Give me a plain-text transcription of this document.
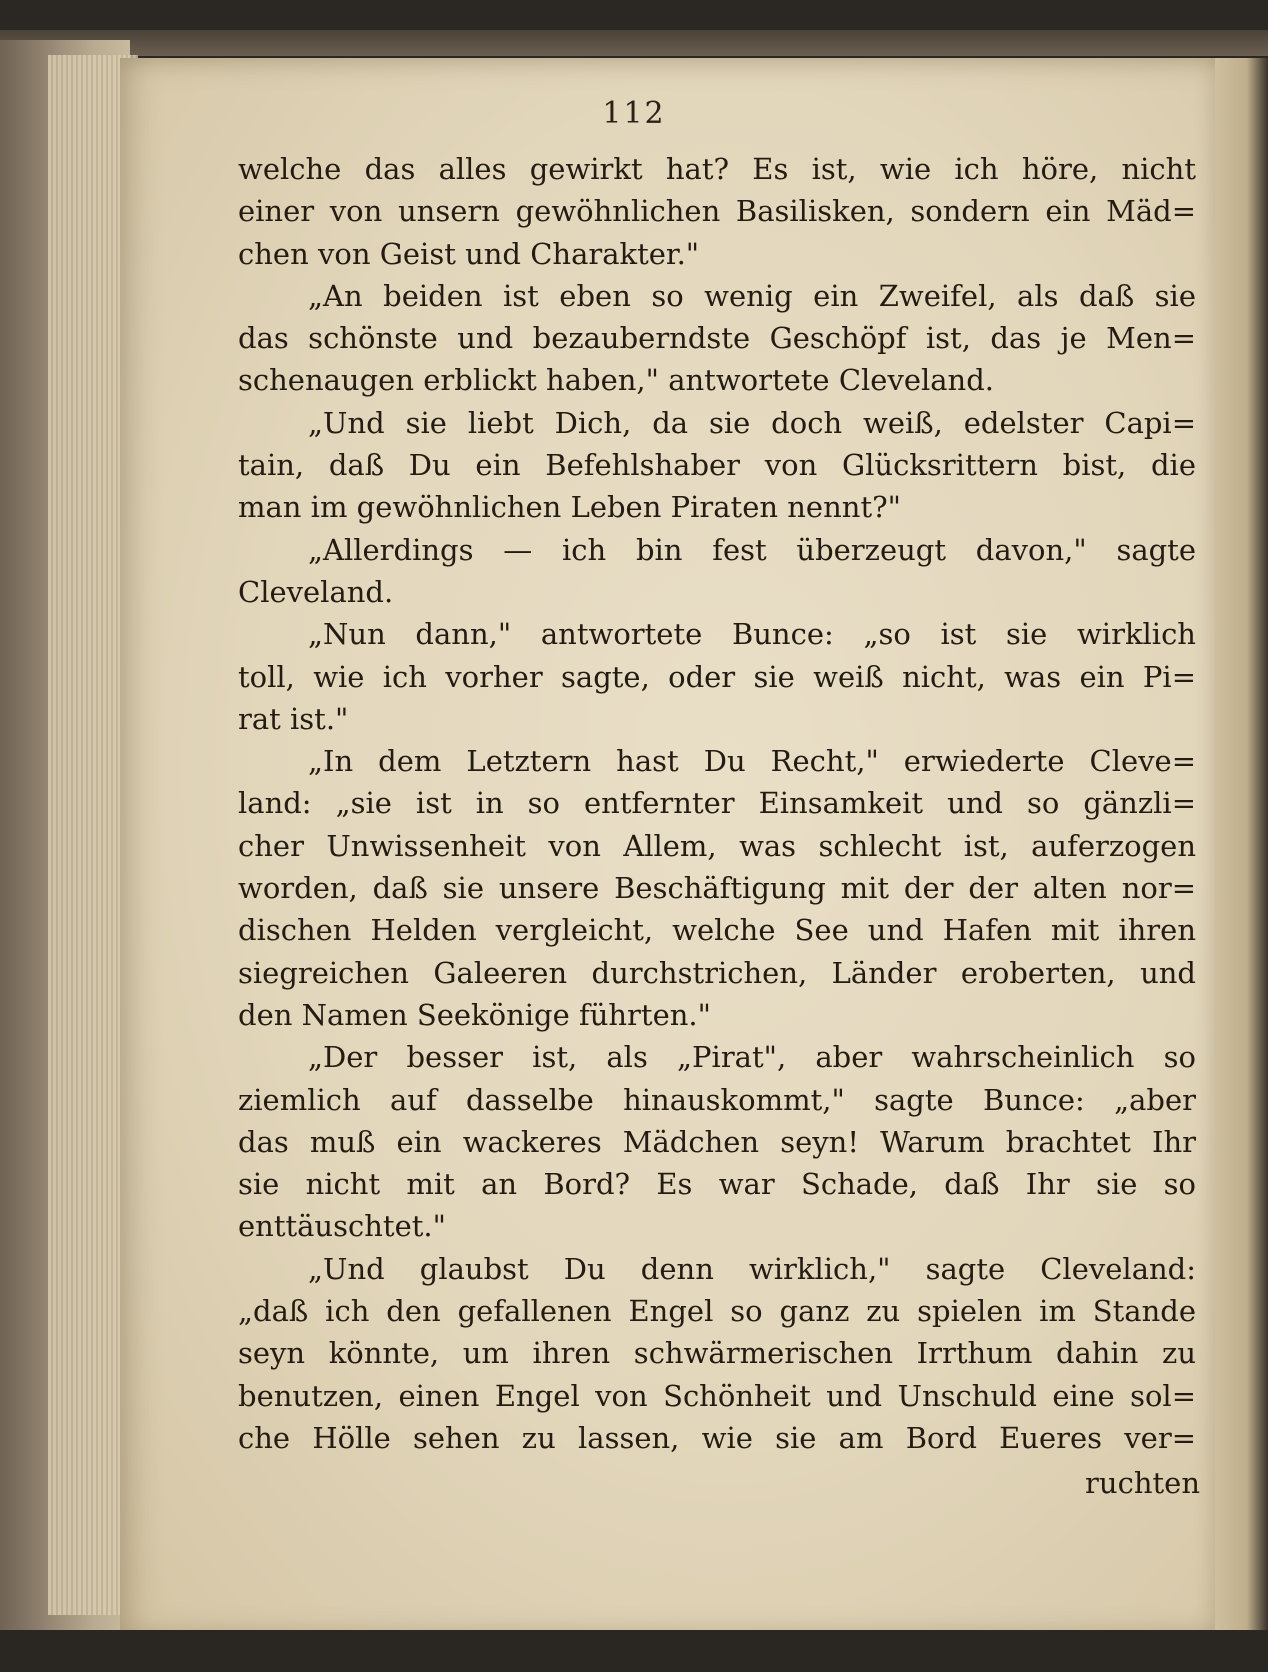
112
welche das alles gewirkt hat? Es ist, wie ich höre, nicht
einer von unsern gewöhnlichen Basilisken, sondern ein Mäd=
chen von Geist und Charakter."
„An beiden ist eben so wenig ein Zweifel, als daß sie
das schönste und bezauberndste Geschöpf ist, das je Men=
schenaugen erblickt haben," antwortete Cleveland.
„Und sie liebt Dich, da sie doch weiß, edelster Capi=
tain, daß Du ein Befehlshaber von Glücksrittern bist, die
man im gewöhnlichen Leben Piraten nennt?"
„Allerdings — ich bin fest überzeugt davon," sagte
Cleveland.
„Nun dann," antwortete Bunce: „so ist sie wirklich
toll, wie ich vorher sagte, oder sie weiß nicht, was ein Pi=
rat ist."
„In dem Letztern hast Du Recht," erwiederte Cleve=
land: „sie ist in so entfernter Einsamkeit und so gänzli=
cher Unwissenheit von Allem, was schlecht ist, auferzogen
worden, daß sie unsere Beschäftigung mit der der alten nor=
dischen Helden vergleicht, welche See und Hafen mit ihren
siegreichen Galeeren durchstrichen, Länder eroberten, und
den Namen Seekönige führten."
„Der besser ist, als „Pirat", aber wahrscheinlich so
ziemlich auf dasselbe hinauskommt," sagte Bunce: „aber
das muß ein wackeres Mädchen seyn! Warum brachtet Ihr
sie nicht mit an Bord? Es war Schade, daß Ihr sie so
enttäuschtet."
„Und glaubst Du denn wirklich," sagte Cleveland:
„daß ich den gefallenen Engel so ganz zu spielen im Stande
seyn könnte, um ihren schwärmerischen Irrthum dahin zu
benutzen, einen Engel von Schönheit und Unschuld eine sol=
che Hölle sehen zu lassen, wie sie am Bord Eueres ver=
ruchten
